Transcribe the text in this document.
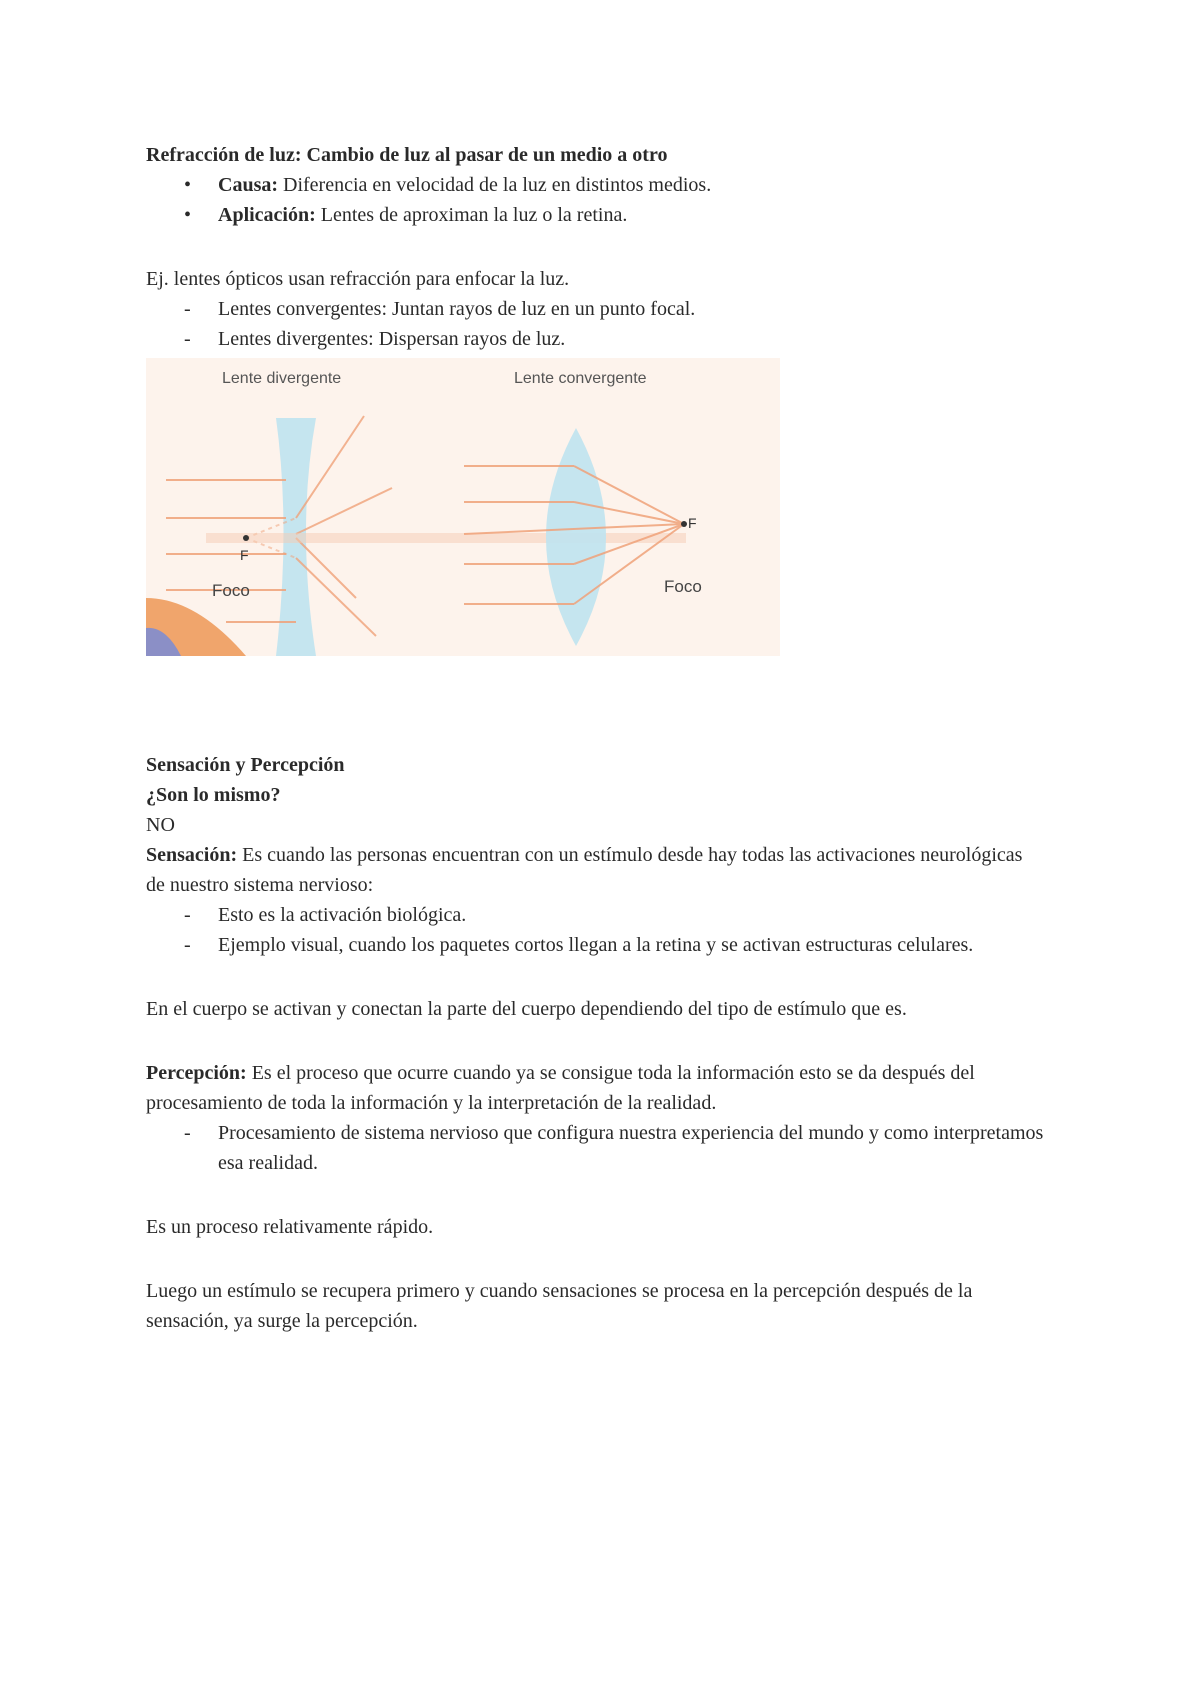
Refracción de luz: Cambio de luz al pasar de un medio a otro

• Causa: Diferencia en velocidad de la luz en distintos medios.
• Aplicación: Lentes de aproximan la luz o la retina.

Ej. lentes ópticos usan refracción para enfocar la luz.

- Lentes convergentes: Juntan rayos de luz en un punto focal.
- Lentes divergentes: Dispersan rayos de luz.
Lente divergente	Lente convergente
F
F
Foco	Foco

Sensación y Percepción

¿Son lo mismo?

NO

Sensación: Es cuando las personas encuentran con un estímulo desde hay todas las activaciones neurológicas de nuestro sistema nervioso:

- Esto es la activación biológica.
- Ejemplo visual, cuando los paquetes cortos llegan a la retina y se activan estructuras celulares.

En el cuerpo se activan y conectan la parte del cuerpo dependiendo del tipo de estímulo que es.

Percepción: Es el proceso que ocurre cuando ya se consigue toda la información esto se da después del procesamiento de toda la información y la interpretación de la realidad.

- Procesamiento de sistema nervioso que configura nuestra experiencia del mundo y como interpretamos esa realidad.

Es un proceso relativamente rápido.

Luego un estímulo se recupera primero y cuando sensaciones se procesa en la percepción después de la sensación, ya surge la percepción.
